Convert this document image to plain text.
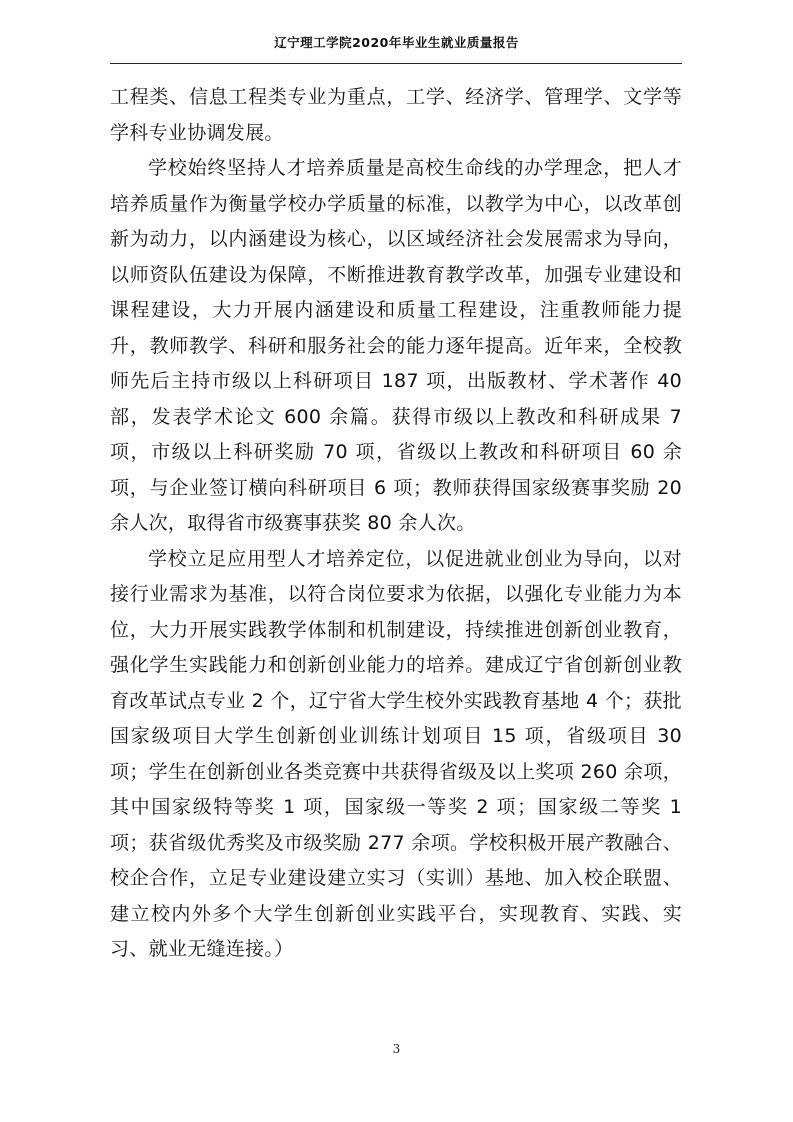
辽宁理工学院2020年毕业生就业质量报告

工程类、信息工程类专业为重点，工学、经济学、管理学、文学等学科专业协调发展。

学校始终坚持人才培养质量是高校生命线的办学理念，把人才培养质量作为衡量学校办学质量的标准，以教学为中心，以改革创新为动力，以内涵建设为核心，以区域经济社会发展需求为导向，以师资队伍建设为保障，不断推进教育教学改革，加强专业建设和课程建设，大力开展内涵建设和质量工程建设，注重教师能力提升，教师教学、科研和服务社会的能力逐年提高。近年来，全校教师先后主持市级以上科研项目 187 项，出版教材、学术著作 40 部，发表学术论文 600 余篇。获得市级以上教改和科研成果 7 项，市级以上科研奖励 70 项，省级以上教改和科研项目 60 余项，与企业签订横向科研项目 6 项；教师获得国家级赛事奖励 20 余人次，取得省市级赛事获奖 80 余人次。

学校立足应用型人才培养定位，以促进就业创业为导向，以对接行业需求为基准，以符合岗位要求为依据，以强化专业能力为本位，大力开展实践教学体制和机制建设，持续推进创新创业教育，强化学生实践能力和创新创业能力的培养。建成辽宁省创新创业教育改革试点专业 2 个，辽宁省大学生校外实践教育基地 4 个；获批国家级项目大学生创新创业训练计划项目 15 项，省级项目 30 项；学生在创新创业各类竞赛中共获得省级及以上奖项 260 余项，其中国家级特等奖 1 项，国家级一等奖 2 项；国家级二等奖 1 项；获省级优秀奖及市级奖励 277 余项。学校积极开展产教融合、校企合作，立足专业建设建立实习（实训）基地、加入校企联盟、建立校内外多个大学生创新创业实践平台，实现教育、实践、实习、就业无缝连接。）

3
